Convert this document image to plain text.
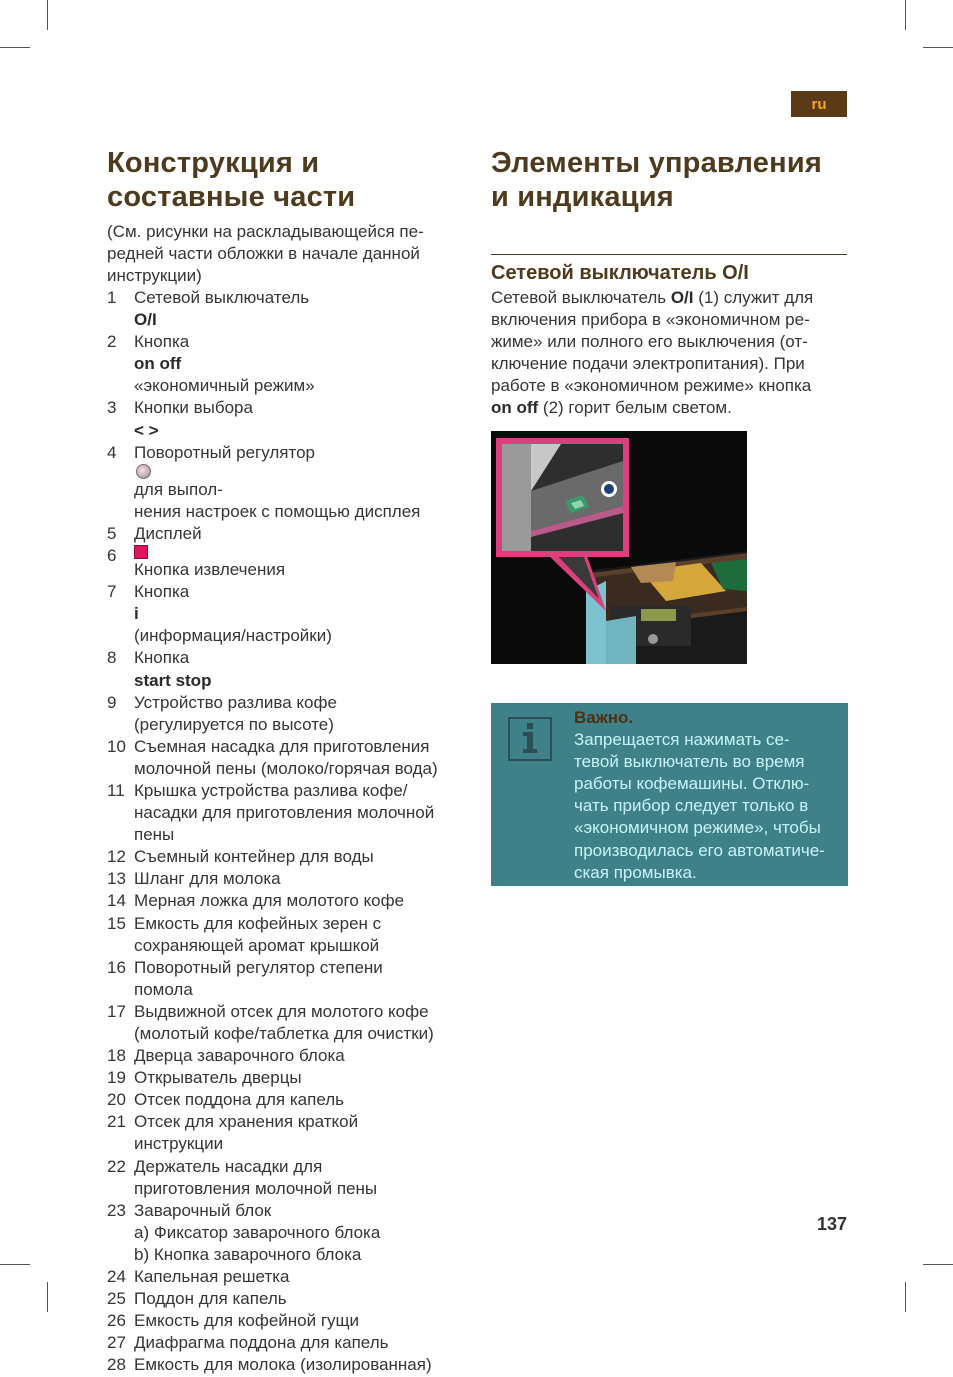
ru
Конструкция и
составные части
(См. рисунки на раскладывающейся пе-
редней части обложки в начале данной
инструкции)
1 Сетевой выключатель
O/I
2 Кнопка
on off
«экономичный режим»
3 Кнопки выбора
< >
4 Поворотный регулятор
для выпол-
нения настроек с помощью дисплея
5 Дисплей
6
Кнопка извлечения
7 Кнопка
i
(информация/настройки)
8 Кнопка
start stop
9 Устройство разлива кофе
(регулируется по высоте)
10 Съемная насадка для приготовления
молочной пены (молоко/горячая вода)
11 Крышка устройства разлива кофе/
насадки для приготовления молочной
пены
12 Съемный контейнер для воды
13 Шланг для молока
14 Мерная ложка для молотого кофе
15 Емкость для кофейных зерен с
сохраняющей аромат крышкой
16 Поворотный регулятор степени
помола
17 Выдвижной отсек для молотого кофе
(молотый кофе/таблетка для очистки)
18 Дверца заварочного блока
19 Открыватель дверцы
20 Отсек поддона для капель
21 Отсек для хранения краткой
инструкции
22 Держатель насадки для
приготовления молочной пены
23 Заварочный блок
a) Фиксатор заварочного блока
b) Кнопка заварочного блока
24 Капельная решетка
25 Поддон для капель
26 Емкость для кофейной гущи
27 Диафрагма поддона для капель
28 Емкость для молока (изолированная)
Элементы управления
и индикация
Сетевой выключатель O/I
Сетевой выключатель O/I (1) служит для
включения прибора в «экономичном ре-
жиме» или полного его выключения (от-
ключение подачи электропитания). При
работе в «экономичном режиме» кнопка
on off (2) горит белым светом.
Важно.
Запрещается нажимать се-
тевой выключатель во время
работы кофемашины. Отклю-
чать прибор следует только в
«экономичном режиме», чтобы
производилась его автоматиче-
ская промывка.
137
